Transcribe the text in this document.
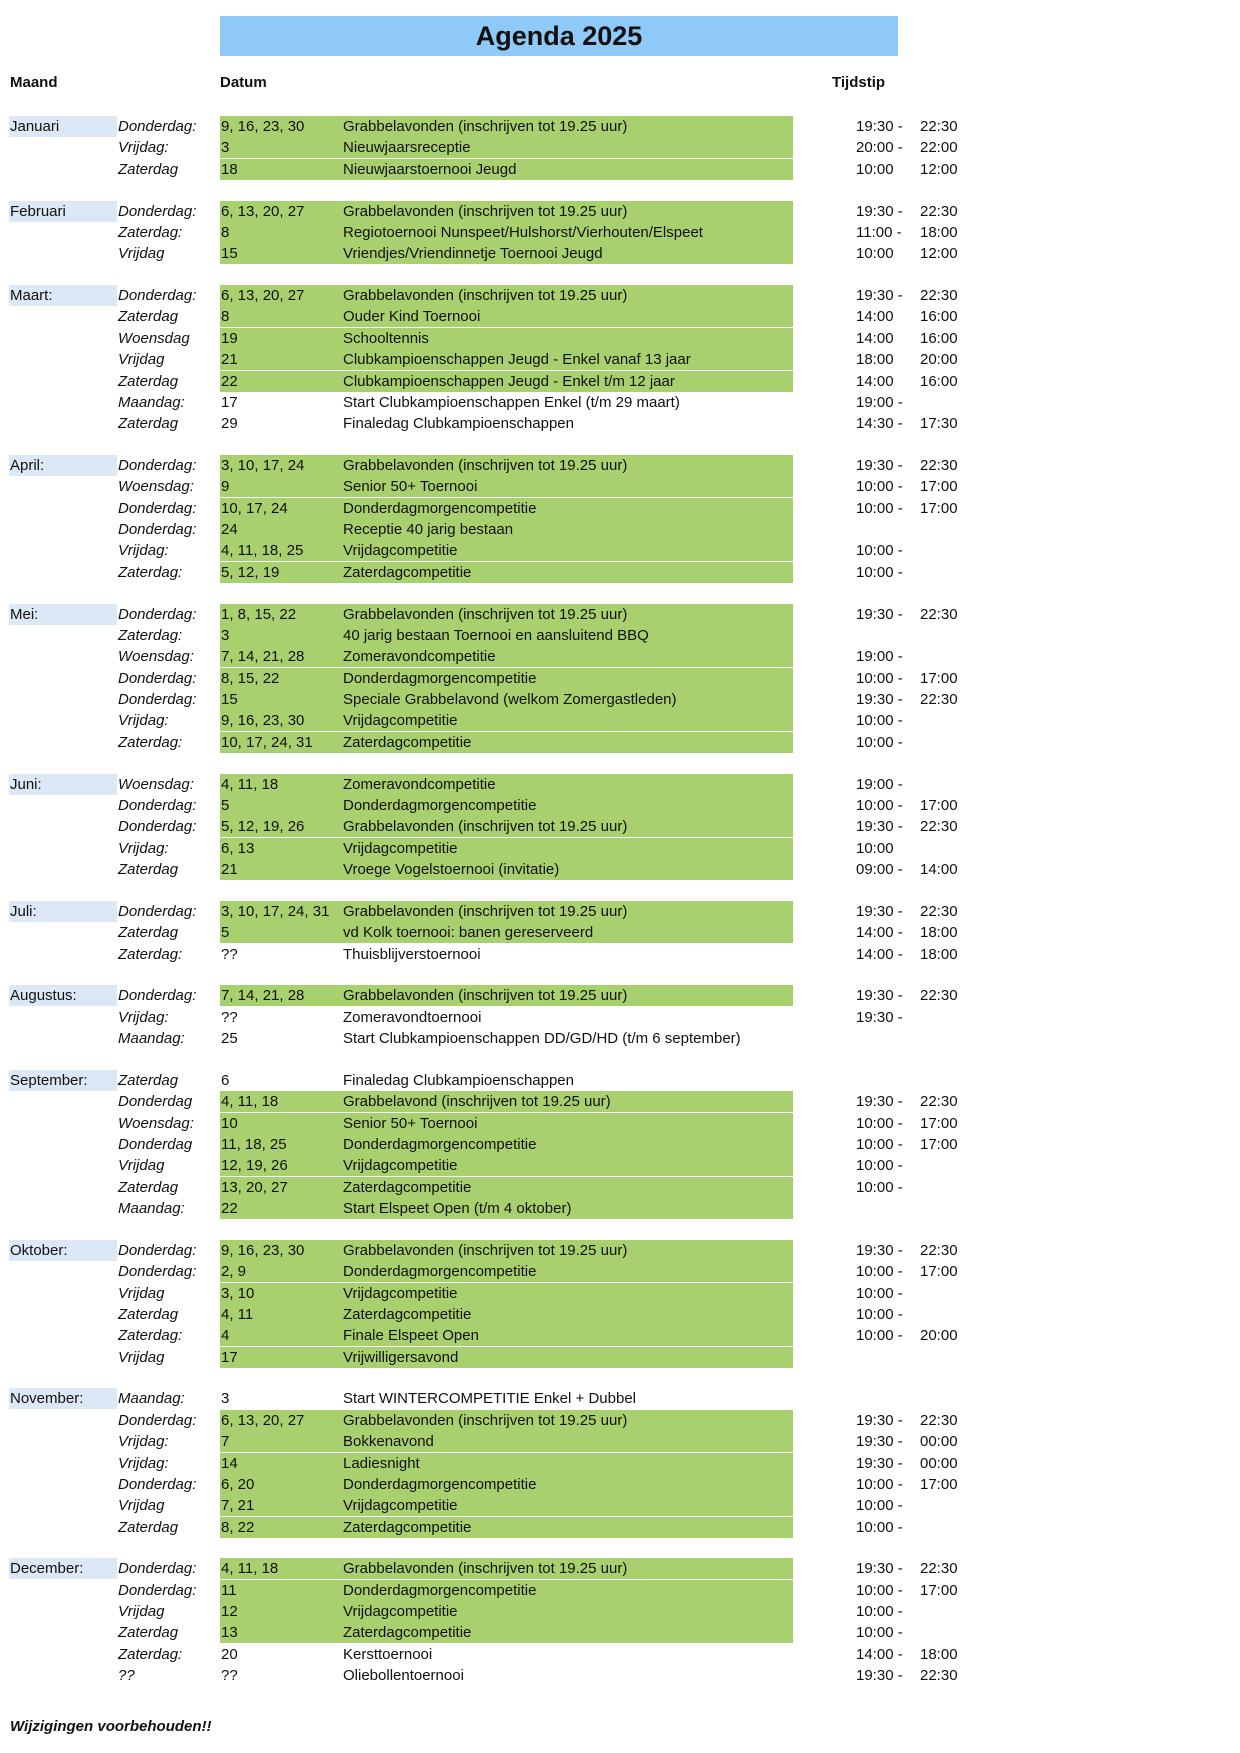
Agenda 2025
Maand	Datum	Tijdstip
Januari	Donderdag: 9, 16, 23, 30	Grabbelavonden (inschrijven tot 19.25 uur)	19:30 - 22:30
Vrijdag:	3	Nieuwjaarsreceptie	20:00 - 22:00
Zaterdag	18	Nieuwjaarstoernooi Jeugd	10:00 12:00
Februari	Donderdag: 6, 13, 20, 27	Grabbelavonden (inschrijven tot 19.25 uur)	19:30 - 22:30
Zaterdag:	8	Regiotoernooi Nunspeet/Hulshorst/Vierhouten/Elspeet	11:00 - 18:00
Vrijdag	15	Vriendjes/Vriendinnetje Toernooi Jeugd	10:00 12:00
Maart:	Donderdag: 6, 13, 20, 27	Grabbelavonden (inschrijven tot 19.25 uur)	19:30 - 22:30
Zaterdag	8	Ouder Kind Toernooi	14:00 16:00
Woensdag 19	Schooltennis	14:00 16:00
Vrijdag	21	Clubkampioenschappen Jeugd - Enkel vanaf 13 jaar	18:00 20:00
Zaterdag	22	Clubkampioenschappen Jeugd - Enkel t/m 12 jaar	14:00 16:00
Maandag: 17	Start Clubkampioenschappen Enkel (t/m 29 maart)	19:00 -
Zaterdag	29	Finaledag Clubkampioenschappen	14:30 - 17:30
April:	Donderdag: 3, 10, 17, 24	Grabbelavonden (inschrijven tot 19.25 uur)	19:30 - 22:30
Woensdag: 9	Senior 50+ Toernooi	10:00 - 17:00
Donderdag: 10, 17, 24	Donderdagmorgencompetitie	10:00 - 17:00
Donderdag: 24	Receptie 40 jarig bestaan
Vrijdag:	4, 11, 18, 25	Vrijdagcompetitie	10:00 -
Zaterdag:	5, 12, 19	Zaterdagcompetitie	10:00 -
Mei:	Donderdag: 1, 8, 15, 22	Grabbelavonden (inschrijven tot 19.25 uur)	19:30 - 22:30
Zaterdag:	3	40 jarig bestaan Toernooi en aansluitend BBQ
Woensdag: 7, 14, 21, 28	Zomeravondcompetitie	19:00 -
Donderdag: 8, 15, 22	Donderdagmorgencompetitie	10:00 - 17:00
Donderdag: 15	Speciale Grabbelavond (welkom Zomergastleden)	19:30 - 22:30
Vrijdag:	9, 16, 23, 30	Vrijdagcompetitie	10:00 -
Zaterdag:	10, 17, 24, 31	Zaterdagcompetitie	10:00 -
Juni:	Woensdag: 4, 11, 18	Zomeravondcompetitie	19:00 -
Donderdag: 5	Donderdagmorgencompetitie	10:00 - 17:00
Donderdag: 5, 12, 19, 26	Grabbelavonden (inschrijven tot 19.25 uur)	19:30 - 22:30
Vrijdag:	6, 13	Vrijdagcompetitie	10:00
Zaterdag	21	Vroege Vogelstoernooi (invitatie)	09:00 - 14:00
Juli:	Donderdag: 3, 10, 17, 24, 31 Grabbelavonden (inschrijven tot 19.25 uur)	19:30 - 22:30
Zaterdag	5	vd Kolk toernooi: banen gereserveerd	14:00 - 18:00
Zaterdag:	??	Thuisblijverstoernooi	14:00 - 18:00
Augustus:	Donderdag: 7, 14, 21, 28	Grabbelavonden (inschrijven tot 19.25 uur)	19:30 - 22:30
Vrijdag:	??	Zomeravondtoernooi	19:30 -
Maandag: 25	Start Clubkampioenschappen DD/GD/HD (t/m 6 september)
September:	Zaterdag	6	Finaledag Clubkampioenschappen
Donderdag 4, 11, 18	Grabbelavond (inschrijven tot 19.25 uur)	19:30 - 22:30
Woensdag: 10	Senior 50+ Toernooi	10:00 - 17:00
Donderdag 11, 18, 25	Donderdagmorgencompetitie	10:00 - 17:00
Vrijdag	12, 19, 26	Vrijdagcompetitie	10:00 -
Zaterdag	13, 20, 27	Zaterdagcompetitie	10:00 -
Maandag: 22	Start Elspeet Open (t/m 4 oktober)
Oktober:	Donderdag: 9, 16, 23, 30	Grabbelavonden (inschrijven tot 19.25 uur)	19:30 - 22:30
Donderdag: 2, 9	Donderdagmorgencompetitie	10:00 - 17:00
Vrijdag	3, 10	Vrijdagcompetitie	10:00 -
Zaterdag	4, 11	Zaterdagcompetitie	10:00 -
Zaterdag:	4	Finale Elspeet Open	10:00 - 20:00
Vrijdag	17	Vrijwilligersavond
November:	Maandag: 3	Start WINTERCOMPETITIE Enkel + Dubbel
Donderdag: 6, 13, 20, 27	Grabbelavonden (inschrijven tot 19.25 uur)	19:30 - 22:30
Vrijdag:	7	Bokkenavond	19:30 - 00:00
Vrijdag:	14	Ladiesnight	19:30 - 00:00
Donderdag: 6, 20	Donderdagmorgencompetitie	10:00 - 17:00
Vrijdag	7, 21	Vrijdagcompetitie	10:00 -
Zaterdag	8, 22	Zaterdagcompetitie	10:00 -
December:	Donderdag: 4, 11, 18	Grabbelavonden (inschrijven tot 19.25 uur)	19:30 - 22:30
Donderdag: 11	Donderdagmorgencompetitie	10:00 - 17:00
Vrijdag	12	Vrijdagcompetitie	10:00 -
Zaterdag	13	Zaterdagcompetitie	10:00 -
Zaterdag:	20	Kersttoernooi	14:00 - 18:00
??	??	Oliebollentoernooi	19:30 - 22:30
Wijzigingen voorbehouden!!
